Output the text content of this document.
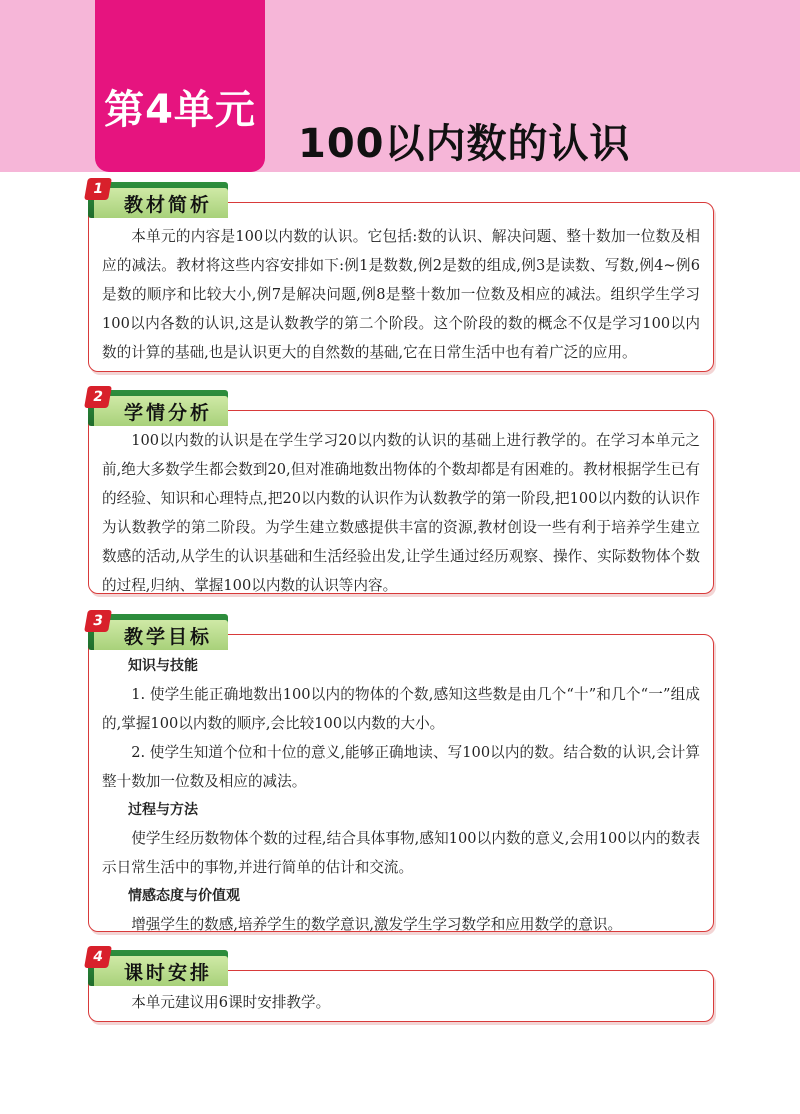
第4单元
100以内数的认识
1
教材简析

本单元的内容是100以内数的认识。它包括:数的认识、解决问题、整十数加一位数及相应的减法。教材将这些内容安排如下:例1是数数,例2是数的组成,例3是读数、写数,例4~例6是数的顺序和比较大小,例7是解决问题,例8是整十数加一位数及相应的减法。组织学生学习100以内各数的认识,这是认数教学的第二个阶段。这个阶段的数的概念不仅是学习100以内数的计算的基础,也是认识更大的自然数的基础,它在日常生活中也有着广泛的应用。

2
学情分析

100以内数的认识是在学生学习20以内数的认识的基础上进行教学的。在学习本单元之前,绝大多数学生都会数到20,但对准确地数出物体的个数却都是有困难的。教材根据学生已有的经验、知识和心理特点,把20以内数的认识作为认数教学的第一阶段,把100以内数的认识作为认数教学的第二阶段。为学生建立数感提供丰富的资源,教材创设一些有利于培养学生建立数感的活动,从学生的认识基础和生活经验出发,让学生通过经历观察、操作、实际数物体个数的过程,归纳、掌握100以内数的认识等内容。

3
教学目标

知识与技能

1. 使学生能正确地数出100以内的物体的个数,感知这些数是由几个“十”和几个“一”组成的,掌握100以内数的顺序,会比较100以内数的大小。

2. 使学生知道个位和十位的意义,能够正确地读、写100以内的数。结合数的认识,会计算整十数加一位数及相应的减法。

过程与方法

使学生经历数物体个数的过程,结合具体事物,感知100以内数的意义,会用100以内的数表示日常生活中的事物,并进行简单的估计和交流。

情感态度与价值观

增强学生的数感,培养学生的数学意识,激发学生学习数学和应用数学的意识。

4
课时安排

本单元建议用6课时安排教学。
